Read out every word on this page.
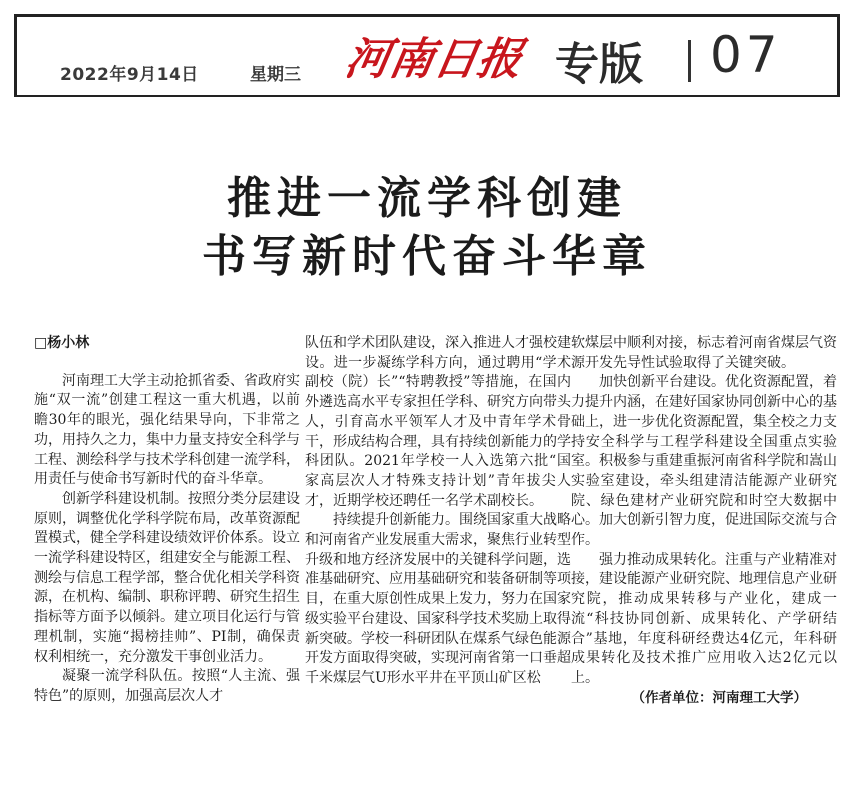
2022年9月14日	星期三 河南日报 专版 07
推进一流学科创建
书写新时代奋斗华章
□杨小林

河南理工大学主动抢抓省委、省政府实施“双一流”创建工程这一重大机遇，以前瞻30年的眼光，强化结果导向，下非常之功，用持久之力，集中力量支持安全科学与工程、测绘科学与技术学科创建一流学科，用责任与使命书写新时代的奋斗华章。

创新学科建设机制。按照分类分层建设原则，调整优化学科学院布局，改革资源配置模式，健全学科建设绩效评价体系。设立一流学科建设特区，组建安全与能源工程、测绘与信息工程学部，整合优化相关学科资源，在机构、编制、职称评聘、研究生招生指标等方面予以倾斜。建立项目化运行与管理机制，实施“揭榜挂帅”、PI制，确保责权利相统一，充分激发干事创业活力。

凝聚一流学科队伍。按照“人主流、强特色”的原则，加强高层次人才

队伍和学术团队建设，深入推进人才强校建设。进一步凝练学科方向，通过聘用“学术副校（院）长”“特聘教授”等措施，在国内外遴选高水平专家担任学科、研究方向带头人，引育高水平领军人才及中青年学术骨干，形成结构合理，具有持续创新能力的学科团队。2021年学校一人入选第六批“国家高层次人才特殊支持计划”青年拔尖人才，近期学校还聘任一名学术副校长。

持续提升创新能力。围绕国家重大战略和河南省产业发展重大需求，聚焦行业转型升级和地方经济发展中的关键科学问题，选准基础研究、应用基础研究和装备研制等项目，在重大原创性成果上发力，努力在国家级实验平台建设、国家科学技术奖励上取得新突破。学校一科研团队在煤系气绿色能源开发方面取得突破，实现河南省第一口垂超千米煤层气U形水平井在平顶山矿区松

软煤层中顺利对接，标志着河南省煤层气资源开发先导性试验取得了关键突破。

加快创新平台建设。优化资源配置，着力提升内涵，在建好国家协同创新中心的基础上，进一步优化资源配置，集全校之力支持安全科学与工程学科建设全国重点实验室。积极参与重建重振河南省科学院和嵩山实验室建设，牵头组建清洁能源产业研究院、绿色建材产业研究院和时空大数据中心。加大创新引智力度，促进国际交流与合作。

强力推动成果转化。注重与产业精准对接，建设能源产业研究院、地理信息产业研究院，推动成果转移与产业化，建成一流“科技协同创新、成果转化、产学研结合”基地，年度科研经费达4亿元，年科研成果转化及技术推广应用收入达2亿元以上。

（作者单位：河南理工大学）
